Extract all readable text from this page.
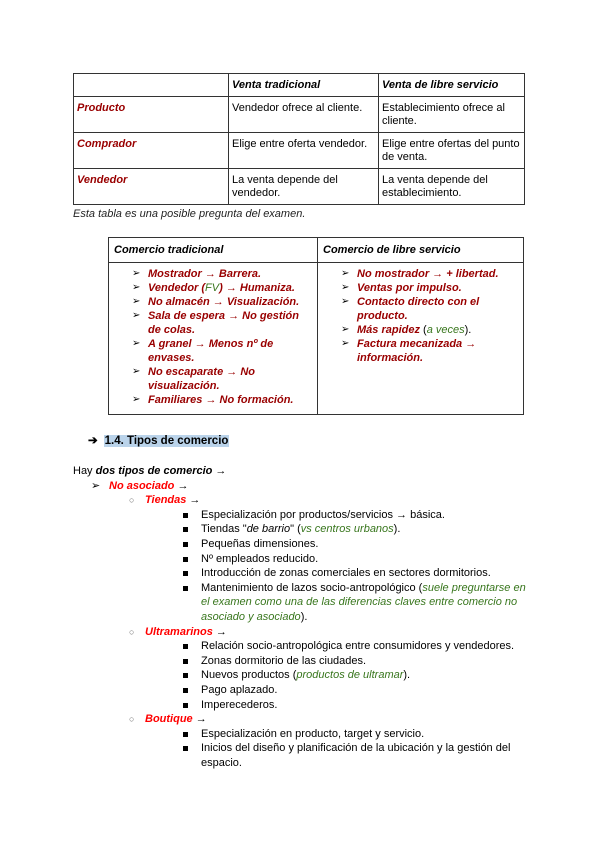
	Venta tradicional	Venta de libre servicio
Producto	Vendedor ofrece al cliente.	Establecimiento ofrece al cliente.
Comprador	Elige entre oferta vendedor.	Elige entre ofertas del punto de venta.
Vendedor	La venta depende del vendedor.	La venta depende del establecimiento.
Esta tabla es una posible pregunta del examen.
Comercio tradicional	Comercio de libre servicio

➢ Mostrador → Barrera.
➢ Vendedor (FV) → Humaniza.
➢ No almacén → Visualización.
➢ Sala de espera → No gestión de colas.
➢ A granel → Menos nº de envases.
➢ No escaparate → No visualización.
➢ Familiares → No formación.

➢ No mostrador → + libertad.
➢ Ventas por impulso.
➢ Contacto directo con el producto.
➢ Más rapidez (a veces).
➢ Factura mecanizada → información.
➔ 1.4. Tipos de comercio
Hay dos tipos de comercio →
➢ No asociado →
○ Tiendas →
Especialización por productos/servicios → básica.
Tiendas "de barrio" (vs centros urbanos).
Pequeñas dimensiones.
Nº empleados reducido.
Introducción de zonas comerciales en sectores dormitorios.
Mantenimiento de lazos socio-antropológico (suele preguntarse en el examen como una de las diferencias claves entre comercio no asociado y asociado).
○ Ultramarinos →
Relación socio-antropológica entre consumidores y vendedores.
Zonas dormitorio de las ciudades.
Nuevos productos (productos de ultramar).
Pago aplazado.
Imperecederos.
○ Boutique →
Especialización en producto, target y servicio.
Inicios del diseño y planificación de la ubicación y la gestión del espacio.
